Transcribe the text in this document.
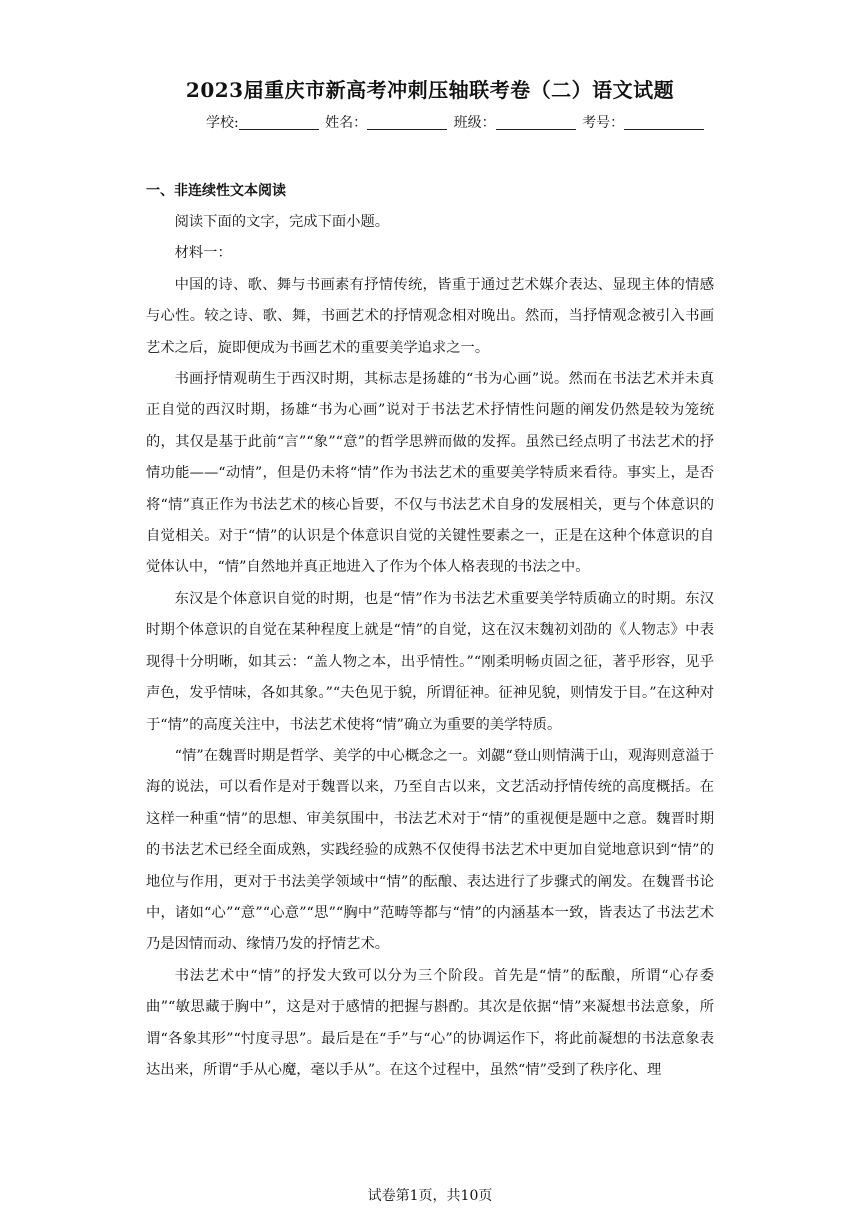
2023届重庆市新高考冲刺压轴联考卷（二）语文试题
学校:	姓名：	班级：	考号：
一、非连续性文本阅读

阅读下面的文字，完成下面小题。

材料一：

中国的诗、歌、舞与书画素有抒情传统，皆重于通过艺术媒介表达、显现主体的情感与心性。较之诗、歌、舞，书画艺术的抒情观念相对晚出。然而，当抒情观念被引入书画艺术之后，旋即便成为书画艺术的重要美学追求之一。

书画抒情观萌生于西汉时期，其标志是扬雄的“书为心画”说。然而在书法艺术并未真正自觉的西汉时期，扬雄“书为心画”说对于书法艺术抒情性问题的阐发仍然是较为笼统的，其仅是基于此前“言”“象”“意”的哲学思辨而做的发挥。虽然已经点明了书法艺术的抒情功能——“动情”，但是仍未将“情”作为书法艺术的重要美学特质来看待。事实上，是否将“情”真正作为书法艺术的核心旨要，不仅与书法艺术自身的发展相关，更与个体意识的自觉相关。对于“情”的认识是个体意识自觉的关键性要素之一，正是在这种个体意识的自觉体认中，“情”自然地并真正地进入了作为个体人格表现的书法之中。

东汉是个体意识自觉的时期，也是“情”作为书法艺术重要美学特质确立的时期。东汉时期个体意识的自觉在某种程度上就是“情”的自觉，这在汉末魏初刘劭的《人物志》中表现得十分明晰，如其云：“盖人物之本，出乎情性。”“刚柔明畅贞固之征，著乎形容，见乎声色，发乎情味，各如其象。”“夫色见于貌，所谓征神。征神见貌，则情发于目。”在这种对于“情”的高度关注中，书法艺术使将“情”确立为重要的美学特质。

“情”在魏晋时期是哲学、美学的中心概念之一。刘勰“登山则情满于山，观海则意溢于海的说法，可以看作是对于魏晋以来，乃至自古以来，文艺活动抒情传统的高度概括。在这样一种重“情”的思想、审美氛围中，书法艺术对于“情”的重视便是题中之意。魏晋时期的书法艺术已经全面成熟，实践经验的成熟不仅使得书法艺术中更加自觉地意识到“情”的地位与作用，更对于书法美学领域中“情”的酝酿、表达进行了步骤式的阐发。在魏晋书论中，诸如“心”“意”“心意”“思”“胸中”范畴等都与“情”的内涵基本一致，皆表达了书法艺术乃是因情而动、缘情乃发的抒情艺术。

书法艺术中“情”的抒发大致可以分为三个阶段。首先是“情”的酝酿，所谓“心存委曲”“敏思藏于胸中”，这是对于感情的把握与斟酌。其次是依据“情”来凝想书法意象，所谓“各象其形”“忖度寻思”。最后是在“手”与“心”的协调运作下，将此前凝想的书法意象表达出来，所谓“手从心魔，毫以手从”。在这个过程中，虽然“情”受到了秩序化、理

试卷第1页，共10页
